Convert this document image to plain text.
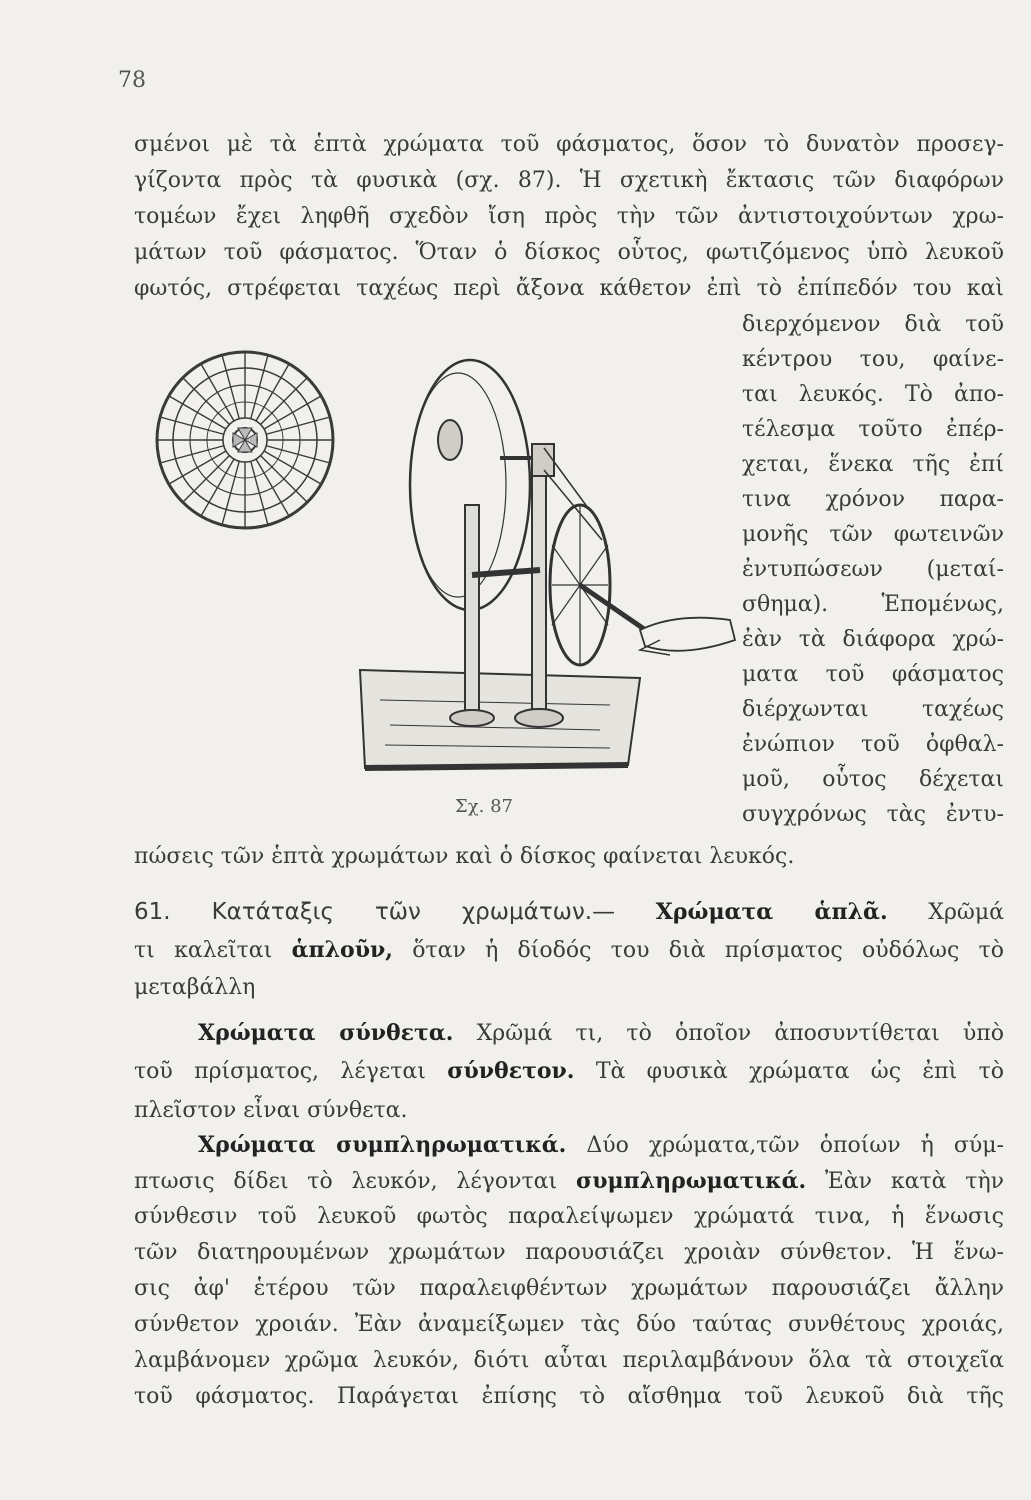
78
σμένοι μὲ τὰ ἑπτὰ χρώματα τοῦ φάσματος, ὅσον τὸ δυνατὸν προσεγ-
γίζοντα πρὸς τὰ φυσικὰ (σχ. 87). Ἡ σχετικὴ ἔκτασις τῶν διαφόρων
τομέων ἔχει ληφθῆ σχεδὸν ἴση πρὸς τὴν τῶν ἀντιστοιχούντων χρω-
μάτων τοῦ φάσματος. Ὅταν ὁ δίσκος οὗτος, φωτιζόμενος ὑπὸ λευκοῦ
φωτός, στρέφεται ταχέως περὶ ἄξονα κάθετον ἐπὶ τὸ ἐπίπεδόν του καὶ
διερχόμενον διὰ τοῦ
κέντρου του, φαίνε-
ται λευκός. Τὸ ἀπο-
τέλεσμα τοῦτο ἐπέρ-
χεται, ἕνεκα τῆς ἐπί
τινα χρόνον παρα-
μονῆς τῶν φωτεινῶν
ἐντυπώσεων (μεταί-
σθημα). Ἑπομένως,
ἐὰν τὰ διάφορα χρώ-
ματα τοῦ φάσματος
διέρχωνται ταχέως
ἐνώπιον τοῦ ὀφθαλ-
μοῦ, οὗτος δέχεται
συγχρόνως τὰς ἐντυ-
Σχ. 87
πώσεις τῶν ἑπτὰ χρωμάτων καὶ ὁ δίσκος φαίνεται λευκός.
61. Κατάταξις τῶν χρωμάτων.— Χρώματα ἁπλᾶ. Χρῶμά
τι καλεῖται ἁπλοῦν, ὅταν ἡ δίοδός του διὰ πρίσματος οὐδόλως τὸ
μεταβάλλη
Χρώματα σύνθετα. Χρῶμά τι, τὸ ὁποῖον ἀποσυντίθεται ὑπὸ
τοῦ πρίσματος, λέγεται σύνθετον. Τὰ φυσικὰ χρώματα ὡς ἐπὶ τὸ
πλεῖστον εἶναι σύνθετα.
Χρώματα συμπληρωματικά. Δύο χρώματα,τῶν ὁποίων ἡ σύμ-
πτωσις δίδει τὸ λευκόν, λέγονται συμπληρωματικά. Ἐὰν κατὰ τὴν
σύνθεσιν τοῦ λευκοῦ φωτὸς παραλείψωμεν χρώματά τινα, ἡ ἕνωσις
τῶν διατηρουμένων χρωμάτων παρουσιάζει χροιὰν σύνθετον. Ἡ ἕνω-
σις ἀφ' ἑτέρου τῶν παραλειφθέντων χρωμάτων παρουσιάζει ἄλλην
σύνθετον χροιάν. Ἐὰν ἀναμείξωμεν τὰς δύο ταύτας συνθέτους χροιάς,
λαμβάνομεν χρῶμα λευκόν, διότι αὗται περιλαμβάνουν ὅλα τὰ στοιχεῖα
τοῦ φάσματος. Παράγεται ἐπίσης τὸ αἴσθημα τοῦ λευκοῦ διὰ τῆς
